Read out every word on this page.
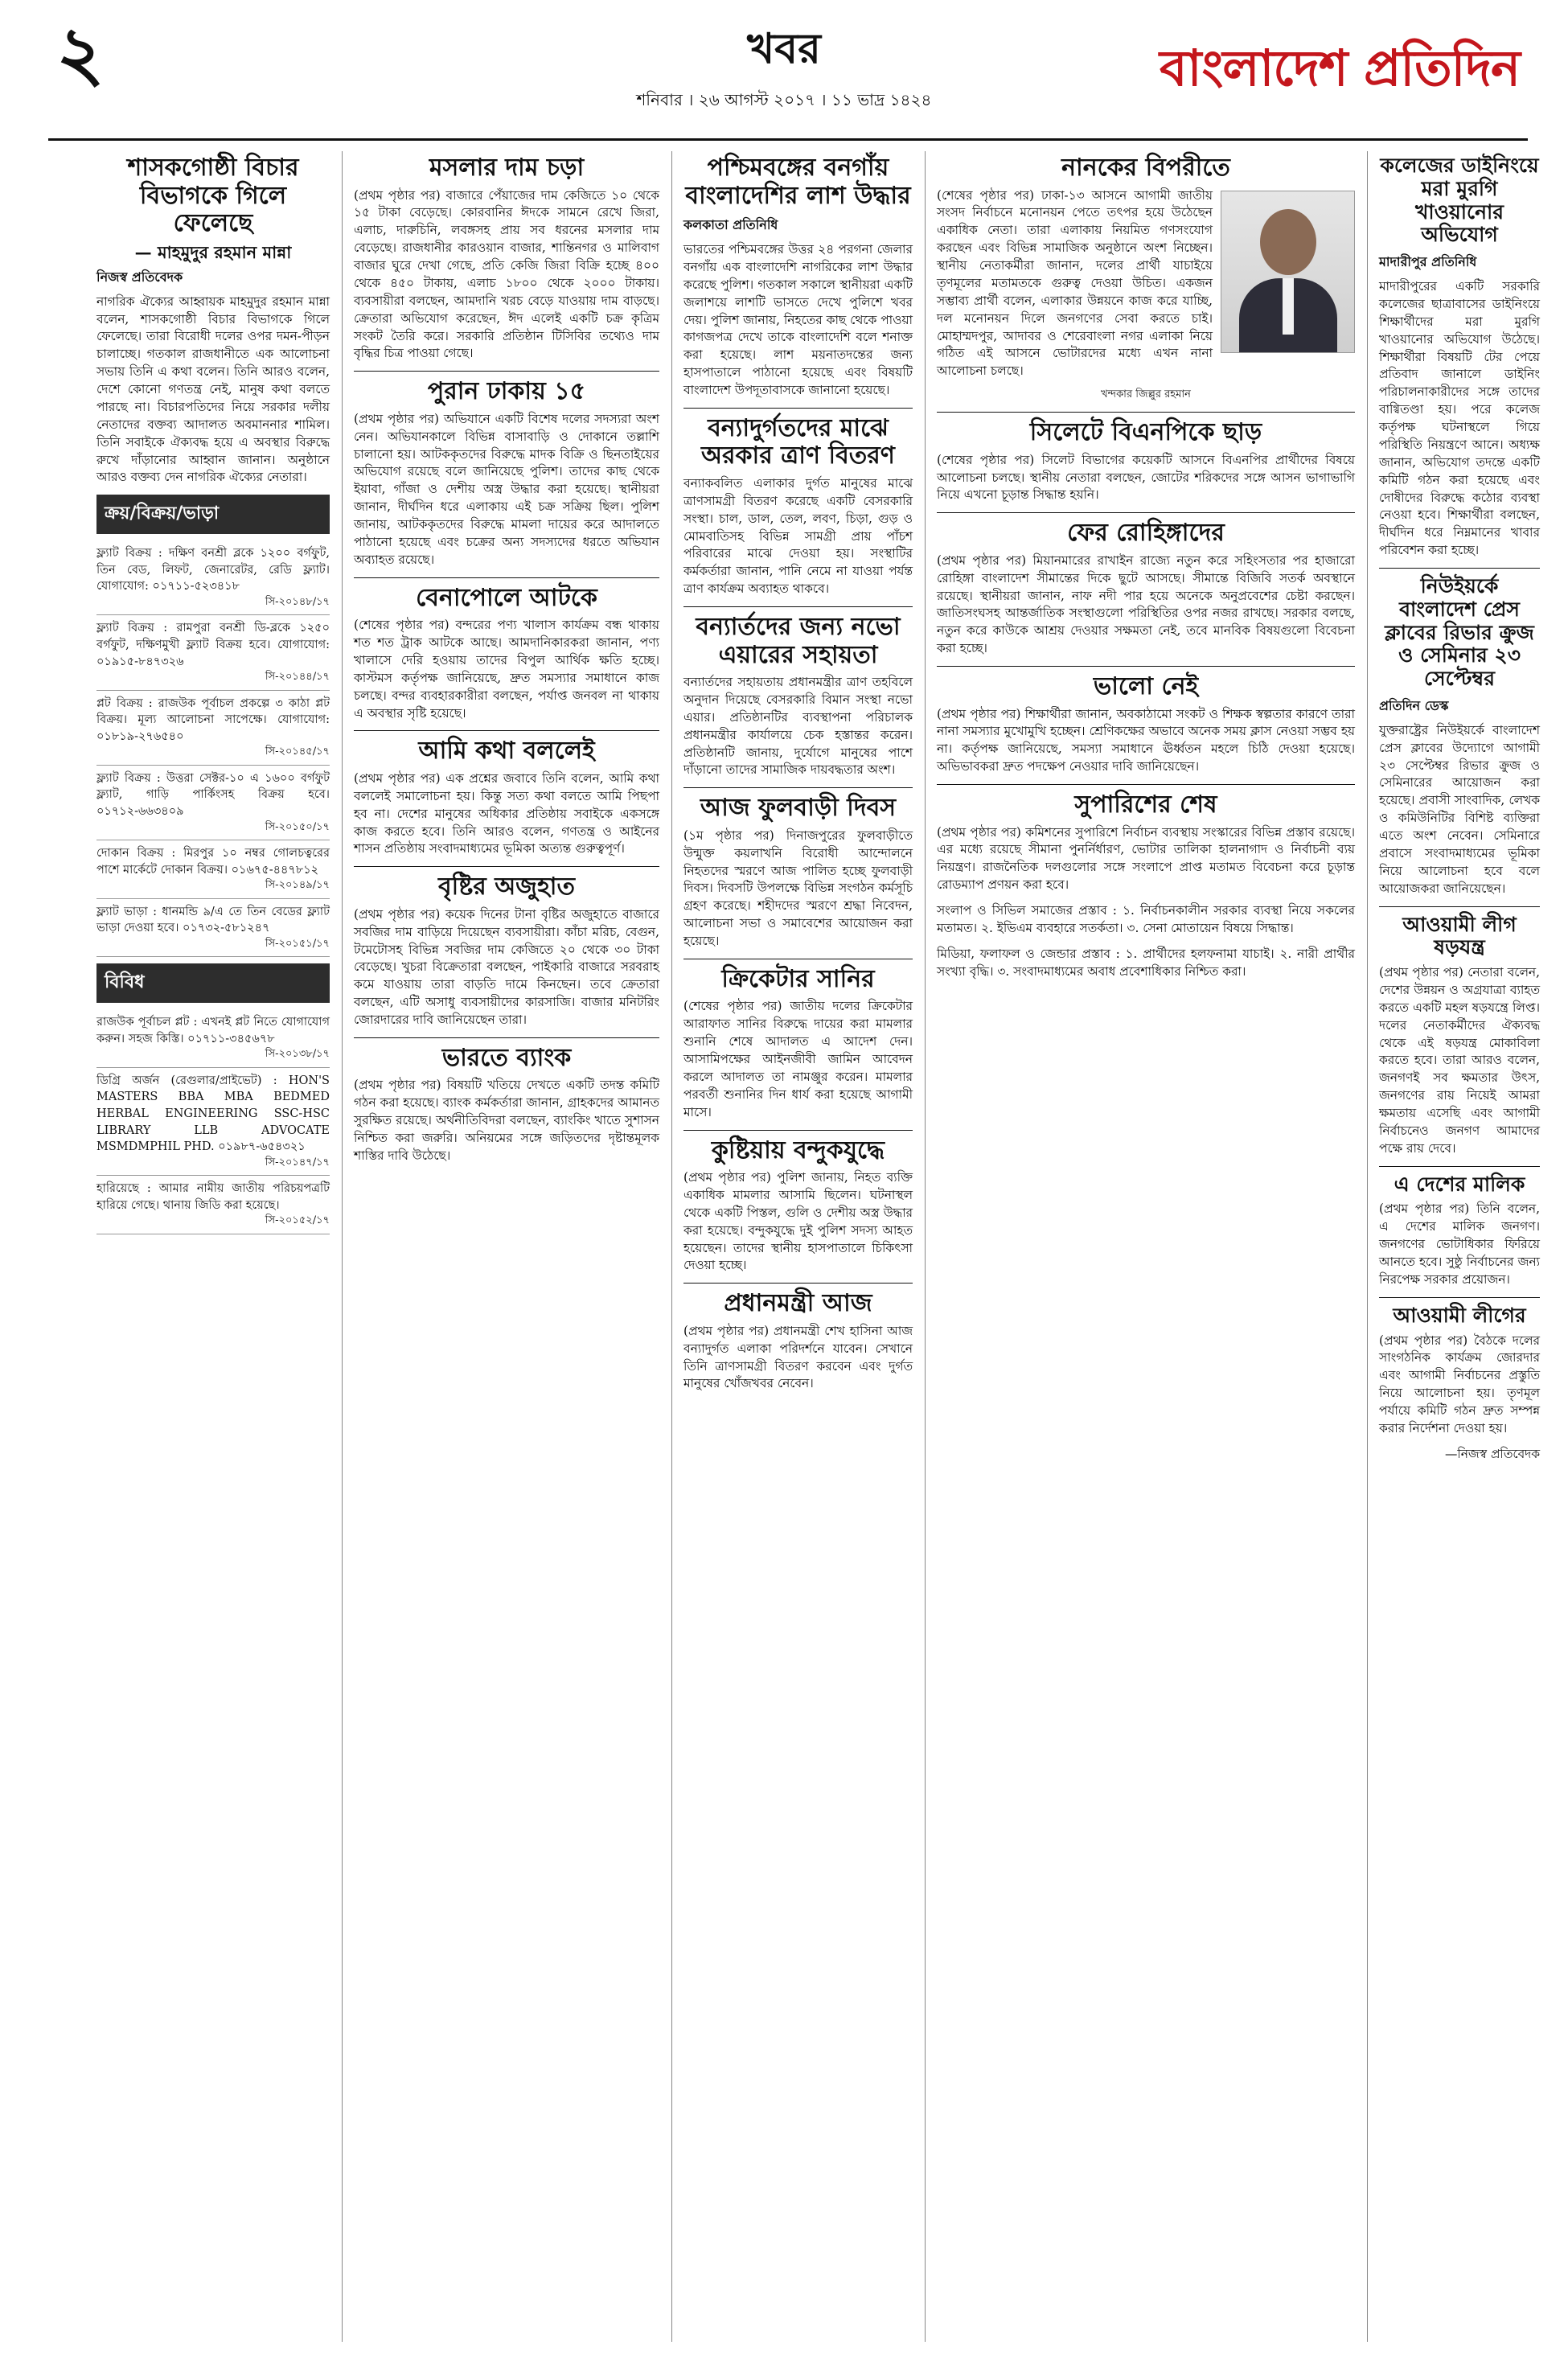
২	খবর
শনিবার । ২৬ আগস্ট ২০১৭ । ১১ ভাদ্র ১৪২৪
বাংলাদেশ প্রতিদিন
শাসকগোষ্ঠী বিচার বিভাগকে গিলে ফেলেছে
— মাহমুদুর রহমান মান্না
নিজস্ব প্রতিবেদক

নাগরিক ঐক্যের আহ্বায়ক মাহমুদুর রহমান মান্না বলেন, শাসকগোষ্ঠী বিচার বিভাগকে গিলে ফেলেছে। তারা বিরোধী দলের ওপর দমন-পীড়ন চালাচ্ছে। গতকাল রাজধানীতে এক আলোচনা সভায় তিনি এ কথা বলেন। তিনি আরও বলেন, দেশে কোনো গণতন্ত্র নেই, মানুষ কথা বলতে পারছে না। বিচারপতিদের নিয়ে সরকার দলীয় নেতাদের বক্তব্য আদালত অবমাননার শামিল। তিনি সবাইকে ঐক্যবদ্ধ হয়ে এ অবস্থার বিরুদ্ধে রুখে দাঁড়ানোর আহ্বান জানান। অনুষ্ঠানে আরও বক্তব্য দেন নাগরিক ঐক্যের নেতারা।

ক্রয়/বিক্রয়/ভাড়া

ফ্ল্যাট বিক্রয় : দক্ষিণ বনশ্রী ব্লকে ১২০০ বর্গফুট, তিন বেড, লিফট, জেনারেটর, রেডি ফ্ল্যাট। যোগাযোগ: ০১৭১১-৫২৩৪১৮
সি-২০১৪৮/১৭

ফ্ল্যাট বিক্রয় : রামপুরা বনশ্রী ডি-ব্লকে ১২৫০ বর্গফুট, দক্ষিণমুখী ফ্ল্যাট বিক্রয় হবে। যোগাযোগ: ০১৯১৫-৮৪৭৩২৬
সি-২০১৪৪/১৭

প্লট বিক্রয় : রাজউক পূর্বাচল প্রকল্পে ৩ কাঠা প্লট বিক্রয়। মূল্য আলোচনা সাপেক্ষে। যোগাযোগ: ০১৮১৯-২৭৬৫৪০
সি-২০১৪৫/১৭

ফ্ল্যাট বিক্রয় : উত্তরা সেক্টর-১০ এ ১৬০০ বর্গফুট ফ্ল্যাট, গাড়ি পার্কিংসহ বিক্রয় হবে। ০১৭১২-৬৬৩৪০৯
সি-২০১৫০/১৭

দোকান বিক্রয় : মিরপুর ১০ নম্বর গোলচত্বরের পাশে মার্কেটে দোকান বিক্রয়। ০১৬৭৫-৪৪৭৮১২
সি-২০১৪৯/১৭

ফ্ল্যাট ভাড়া : ধানমন্ডি ৯/এ তে তিন বেডের ফ্ল্যাট ভাড়া দেওয়া হবে। ০১৭৩২-৫৮১২৪৭
সি-২০১৫১/১৭

বিবিধ

রাজউক পূর্বাচল প্লট : এখনই প্লট নিতে যোগাযোগ করুন। সহজ কিস্তি। ০১৭১১-৩৪৫৬৭৮
সি-২০১৩৮/১৭

ডিগ্রি অর্জন (রেগুলার/প্রাইভেট) : HON'S MASTERS BBA MBA BEDMED HERBAL ENGINEERING SSC-HSC LIBRARY LLB ADVOCATE MSMDMPHIL PHD. ০১৯৮৭-৬৫৪৩২১
সি-২০১৪৭/১৭

হারিয়েছে : আমার নামীয় জাতীয় পরিচয়পত্রটি হারিয়ে গেছে। থানায় জিডি করা হয়েছে।
সি-২০১৫২/১৭

মসলার দাম চড়া

(প্রথম পৃষ্ঠার পর) বাজারে পেঁয়াজের দাম কেজিতে ১০ থেকে ১৫ টাকা বেড়েছে। কোরবানির ঈদকে সামনে রেখে জিরা, এলাচ, দারুচিনি, লবঙ্গসহ প্রায় সব ধরনের মসলার দাম বেড়েছে। রাজধানীর কারওয়ান বাজার, শান্তিনগর ও মালিবাগ বাজার ঘুরে দেখা গেছে, প্রতি কেজি জিরা বিক্রি হচ্ছে ৪০০ থেকে ৪৫০ টাকায়, এলাচ ১৮০০ থেকে ২০০০ টাকায়। ব্যবসায়ীরা বলছেন, আমদানি খরচ বেড়ে যাওয়ায় দাম বাড়ছে। ক্রেতারা অভিযোগ করেছেন, ঈদ এলেই একটি চক্র কৃত্রিম সংকট তৈরি করে। সরকারি প্রতিষ্ঠান টিসিবির তথ্যেও দাম বৃদ্ধির চিত্র পাওয়া গেছে।

পুরান ঢাকায় ১৫

(প্রথম পৃষ্ঠার পর) অভিযানে একটি বিশেষ দলের সদস্যরা অংশ নেন। অভিযানকালে বিভিন্ন বাসাবাড়ি ও দোকানে তল্লাশি চালানো হয়। আটককৃতদের বিরুদ্ধে মাদক বিক্রি ও ছিনতাইয়ের অভিযোগ রয়েছে বলে জানিয়েছে পুলিশ। তাদের কাছ থেকে ইয়াবা, গাঁজা ও দেশীয় অস্ত্র উদ্ধার করা হয়েছে। স্থানীয়রা জানান, দীর্ঘদিন ধরে এলাকায় এই চক্র সক্রিয় ছিল। পুলিশ জানায়, আটককৃতদের বিরুদ্ধে মামলা দায়ের করে আদালতে পাঠানো হয়েছে এবং চক্রের অন্য সদস্যদের ধরতে অভিযান অব্যাহত রয়েছে।

বেনাপোলে আটকে

(শেষের পৃষ্ঠার পর) বন্দরের পণ্য খালাস কার্যক্রম বন্ধ থাকায় শত শত ট্রাক আটকে আছে। আমদানিকারকরা জানান, পণ্য খালাসে দেরি হওয়ায় তাদের বিপুল আর্থিক ক্ষতি হচ্ছে। কাস্টমস কর্তৃপক্ষ জানিয়েছে, দ্রুত সমস্যার সমাধানে কাজ চলছে। বন্দর ব্যবহারকারীরা বলছেন, পর্যাপ্ত জনবল না থাকায় এ অবস্থার সৃষ্টি হয়েছে।

আমি কথা বললেই

(প্রথম পৃষ্ঠার পর) এক প্রশ্নের জবাবে তিনি বলেন, আমি কথা বললেই সমালোচনা হয়। কিন্তু সত্য কথা বলতে আমি পিছপা হব না। দেশের মানুষের অধিকার প্রতিষ্ঠায় সবাইকে একসঙ্গে কাজ করতে হবে। তিনি আরও বলেন, গণতন্ত্র ও আইনের শাসন প্রতিষ্ঠায় সংবাদমাধ্যমের ভূমিকা অত্যন্ত গুরুত্বপূর্ণ।

বৃষ্টির অজুহাত

(প্রথম পৃষ্ঠার পর) কয়েক দিনের টানা বৃষ্টির অজুহাতে বাজারে সবজির দাম বাড়িয়ে দিয়েছেন ব্যবসায়ীরা। কাঁচা মরিচ, বেগুন, টমেটোসহ বিভিন্ন সবজির দাম কেজিতে ২০ থেকে ৩০ টাকা বেড়েছে। খুচরা বিক্রেতারা বলছেন, পাইকারি বাজারে সরবরাহ কমে যাওয়ায় তারা বাড়তি দামে কিনছেন। তবে ক্রেতারা বলছেন, এটি অসাধু ব্যবসায়ীদের কারসাজি। বাজার মনিটরিং জোরদারের দাবি জানিয়েছেন তারা।

ভারতে ব্যাংক

(প্রথম পৃষ্ঠার পর) বিষয়টি খতিয়ে দেখতে একটি তদন্ত কমিটি গঠন করা হয়েছে। ব্যাংক কর্মকর্তারা জানান, গ্রাহকদের আমানত সুরক্ষিত রয়েছে। অর্থনীতিবিদরা বলছেন, ব্যাংকিং খাতে সুশাসন নিশ্চিত করা জরুরি। অনিয়মের সঙ্গে জড়িতদের দৃষ্টান্তমূলক শাস্তির দাবি উঠেছে।

পশ্চিমবঙ্গের বনগাঁয় বাংলাদেশির লাশ উদ্ধার
কলকাতা প্রতিনিধি

ভারতের পশ্চিমবঙ্গের উত্তর ২৪ পরগনা জেলার বনগাঁয় এক বাংলাদেশি নাগরিকের লাশ উদ্ধার করেছে পুলিশ। গতকাল সকালে স্থানীয়রা একটি জলাশয়ে লাশটি ভাসতে দেখে পুলিশে খবর দেয়। পুলিশ জানায়, নিহতের কাছ থেকে পাওয়া কাগজপত্র দেখে তাকে বাংলাদেশি বলে শনাক্ত করা হয়েছে। লাশ ময়নাতদন্তের জন্য হাসপাতালে পাঠানো হয়েছে এবং বিষয়টি বাংলাদেশ উপদূতাবাসকে জানানো হয়েছে।

বন্যাদুর্গতদের মাঝে অরকার ত্রাণ বিতরণ

বন্যাকবলিত এলাকার দুর্গত মানুষের মাঝে ত্রাণসামগ্রী বিতরণ করেছে একটি বেসরকারি সংস্থা। চাল, ডাল, তেল, লবণ, চিড়া, গুড় ও মোমবাতিসহ বিভিন্ন সামগ্রী প্রায় পাঁচশ পরিবারের মাঝে দেওয়া হয়। সংস্থাটির কর্মকর্তারা জানান, পানি নেমে না যাওয়া পর্যন্ত ত্রাণ কার্যক্রম অব্যাহত থাকবে।

বন্যার্তদের জন্য নভো এয়ারের সহায়তা

বন্যার্তদের সহায়তায় প্রধানমন্ত্রীর ত্রাণ তহবিলে অনুদান দিয়েছে বেসরকারি বিমান সংস্থা নভো এয়ার। প্রতিষ্ঠানটির ব্যবস্থাপনা পরিচালক প্রধানমন্ত্রীর কার্যালয়ে চেক হস্তান্তর করেন। প্রতিষ্ঠানটি জানায়, দুর্যোগে মানুষের পাশে দাঁড়ানো তাদের সামাজিক দায়বদ্ধতার অংশ।

আজ ফুলবাড়ী দিবস

(১ম পৃষ্ঠার পর) দিনাজপুরের ফুলবাড়ীতে উন্মুক্ত কয়লাখনি বিরোধী আন্দোলনে নিহতদের স্মরণে আজ পালিত হচ্ছে ফুলবাড়ী দিবস। দিবসটি উপলক্ষে বিভিন্ন সংগঠন কর্মসূচি গ্রহণ করেছে। শহীদদের স্মরণে শ্রদ্ধা নিবেদন, আলোচনা সভা ও সমাবেশের আয়োজন করা হয়েছে।

ক্রিকেটার সানির

(শেষের পৃষ্ঠার পর) জাতীয় দলের ক্রিকেটার আরাফাত সানির বিরুদ্ধে দায়ের করা মামলার শুনানি শেষে আদালত এ আদেশ দেন। আসামিপক্ষের আইনজীবী জামিন আবেদন করলে আদালত তা নামঞ্জুর করেন। মামলার পরবর্তী শুনানির দিন ধার্য করা হয়েছে আগামী মাসে।

কুষ্টিয়ায় বন্দুকযুদ্ধে

(প্রথম পৃষ্ঠার পর) পুলিশ জানায়, নিহত ব্যক্তি একাধিক মামলার আসামি ছিলেন। ঘটনাস্থল থেকে একটি পিস্তল, গুলি ও দেশীয় অস্ত্র উদ্ধার করা হয়েছে। বন্দুকযুদ্ধে দুই পুলিশ সদস্য আহত হয়েছেন। তাদের স্থানীয় হাসপাতালে চিকিৎসা দেওয়া হচ্ছে।

প্রধানমন্ত্রী আজ

(প্রথম পৃষ্ঠার পর) প্রধানমন্ত্রী শেখ হাসিনা আজ বন্যাদুর্গত এলাকা পরিদর্শনে যাবেন। সেখানে তিনি ত্রাণসামগ্রী বিতরণ করবেন এবং দুর্গত মানুষের খোঁজখবর নেবেন।

নানকের বিপরীতে

(শেষের পৃষ্ঠার পর) ঢাকা-১৩ আসনে আগামী জাতীয় সংসদ নির্বাচনে মনোনয়ন পেতে তৎপর হয়ে উঠেছেন একাধিক নেতা। তারা এলাকায় নিয়মিত গণসংযোগ করছেন এবং বিভিন্ন সামাজিক অনুষ্ঠানে অংশ নিচ্ছেন। স্থানীয় নেতাকর্মীরা জানান, দলের প্রার্থী যাচাইয়ে তৃণমূলের মতামতকে গুরুত্ব দেওয়া উচিত। একজন সম্ভাব্য প্রার্থী বলেন, এলাকার উন্নয়নে কাজ করে যাচ্ছি, দল মনোনয়ন দিলে জনগণের সেবা করতে চাই। মোহাম্মদপুর, আদাবর ও শেরেবাংলা নগর এলাকা নিয়ে গঠিত এই আসনে ভোটারদের মধ্যে এখন নানা আলোচনা চলছে।

খন্দকার জিল্লুর রহমান
সিলেটে বিএনপিকে ছাড়

(শেষের পৃষ্ঠার পর) সিলেট বিভাগের কয়েকটি আসনে বিএনপির প্রার্থীদের বিষয়ে আলোচনা চলছে। স্থানীয় নেতারা বলছেন, জোটের শরিকদের সঙ্গে আসন ভাগাভাগি নিয়ে এখনো চূড়ান্ত সিদ্ধান্ত হয়নি।

ফের রোহিঙ্গাদের

(প্রথম পৃষ্ঠার পর) মিয়ানমারের রাখাইন রাজ্যে নতুন করে সহিংসতার পর হাজারো রোহিঙ্গা বাংলাদেশ সীমান্তের দিকে ছুটে আসছে। সীমান্তে বিজিবি সতর্ক অবস্থানে রয়েছে। স্থানীয়রা জানান, নাফ নদী পার হয়ে অনেকে অনুপ্রবেশের চেষ্টা করছেন। জাতিসংঘসহ আন্তর্জাতিক সংস্থাগুলো পরিস্থিতির ওপর নজর রাখছে। সরকার বলছে, নতুন করে কাউকে আশ্রয় দেওয়ার সক্ষমতা নেই, তবে মানবিক বিষয়গুলো বিবেচনা করা হচ্ছে।

ভালো নেই

(প্রথম পৃষ্ঠার পর) শিক্ষার্থীরা জানান, অবকাঠামো সংকট ও শিক্ষক স্বল্পতার কারণে তারা নানা সমস্যার মুখোমুখি হচ্ছেন। শ্রেণিকক্ষের অভাবে অনেক সময় ক্লাস নেওয়া সম্ভব হয় না। কর্তৃপক্ষ জানিয়েছে, সমস্যা সমাধানে ঊর্ধ্বতন মহলে চিঠি দেওয়া হয়েছে। অভিভাবকরা দ্রুত পদক্ষেপ নেওয়ার দাবি জানিয়েছেন।

সুপারিশের শেষ

(প্রথম পৃষ্ঠার পর) কমিশনের সুপারিশে নির্বাচন ব্যবস্থায় সংস্কারের বিভিন্ন প্রস্তাব রয়েছে। এর মধ্যে রয়েছে সীমানা পুনর্নির্ধারণ, ভোটার তালিকা হালনাগাদ ও নির্বাচনী ব্যয় নিয়ন্ত্রণ। রাজনৈতিক দলগুলোর সঙ্গে সংলাপে প্রাপ্ত মতামত বিবেচনা করে চূড়ান্ত রোডম্যাপ প্রণয়ন করা হবে।

সংলাপ ও সিভিল সমাজের প্রস্তাব : ১. নির্বাচনকালীন সরকার ব্যবস্থা নিয়ে সকলের মতামত। ২. ইভিএম ব্যবহারে সতর্কতা। ৩. সেনা মোতায়েন বিষয়ে সিদ্ধান্ত।

মিডিয়া, ফলাফল ও জেন্ডার প্রস্তাব : ১. প্রার্থীদের হলফনামা যাচাই। ২. নারী প্রার্থীর সংখ্যা বৃদ্ধি। ৩. সংবাদমাধ্যমের অবাধ প্রবেশাধিকার নিশ্চিত করা।

কলেজের ডাইনিংয়ে মরা মুরগি খাওয়ানোর অভিযোগ
মাদারীপুর প্রতিনিধি

মাদারীপুরের একটি সরকারি কলেজের ছাত্রাবাসের ডাইনিংয়ে শিক্ষার্থীদের মরা মুরগি খাওয়ানোর অভিযোগ উঠেছে। শিক্ষার্থীরা বিষয়টি টের পেয়ে প্রতিবাদ জানালে ডাইনিং পরিচালনাকারীদের সঙ্গে তাদের বাগ্বিতণ্ডা হয়। পরে কলেজ কর্তৃপক্ষ ঘটনাস্থলে গিয়ে পরিস্থিতি নিয়ন্ত্রণে আনে। অধ্যক্ষ জানান, অভিযোগ তদন্তে একটি কমিটি গঠন করা হয়েছে এবং দোষীদের বিরুদ্ধে কঠোর ব্যবস্থা নেওয়া হবে। শিক্ষার্থীরা বলছেন, দীর্ঘদিন ধরে নিম্নমানের খাবার পরিবেশন করা হচ্ছে।

নিউইয়র্কে বাংলাদেশ প্রেস ক্লাবের রিভার ক্রুজ ও সেমিনার ২৩ সেপ্টেম্বর
প্রতিদিন ডেস্ক

যুক্তরাষ্ট্রের নিউইয়র্কে বাংলাদেশ প্রেস ক্লাবের উদ্যোগে আগামী ২৩ সেপ্টেম্বর রিভার ক্রুজ ও সেমিনারের আয়োজন করা হয়েছে। প্রবাসী সাংবাদিক, লেখক ও কমিউনিটির বিশিষ্ট ব্যক্তিরা এতে অংশ নেবেন। সেমিনারে প্রবাসে সংবাদমাধ্যমের ভূমিকা নিয়ে আলোচনা হবে বলে আয়োজকরা জানিয়েছেন।

আওয়ামী লীগ ষড়যন্ত্র

(প্রথম পৃষ্ঠার পর) নেতারা বলেন, দেশের উন্নয়ন ও অগ্রযাত্রা ব্যাহত করতে একটি মহল ষড়যন্ত্রে লিপ্ত। দলের নেতাকর্মীদের ঐক্যবদ্ধ থেকে এই ষড়যন্ত্র মোকাবিলা করতে হবে। তারা আরও বলেন, জনগণই সব ক্ষমতার উৎস, জনগণের রায় নিয়েই আমরা ক্ষমতায় এসেছি এবং আগামী নির্বাচনেও জনগণ আমাদের পক্ষে রায় দেবে।

এ দেশের মালিক

(প্রথম পৃষ্ঠার পর) তিনি বলেন, এ দেশের মালিক জনগণ। জনগণের ভোটাধিকার ফিরিয়ে আনতে হবে। সুষ্ঠু নির্বাচনের জন্য নিরপেক্ষ সরকার প্রয়োজন।

আওয়ামী লীগের

(প্রথম পৃষ্ঠার পর) বৈঠকে দলের সাংগঠনিক কার্যক্রম জোরদার এবং আগামী নির্বাচনের প্রস্তুতি নিয়ে আলোচনা হয়। তৃণমূল পর্যায়ে কমিটি গঠন দ্রুত সম্পন্ন করার নির্দেশনা দেওয়া হয়।

—নিজস্ব প্রতিবেদক
